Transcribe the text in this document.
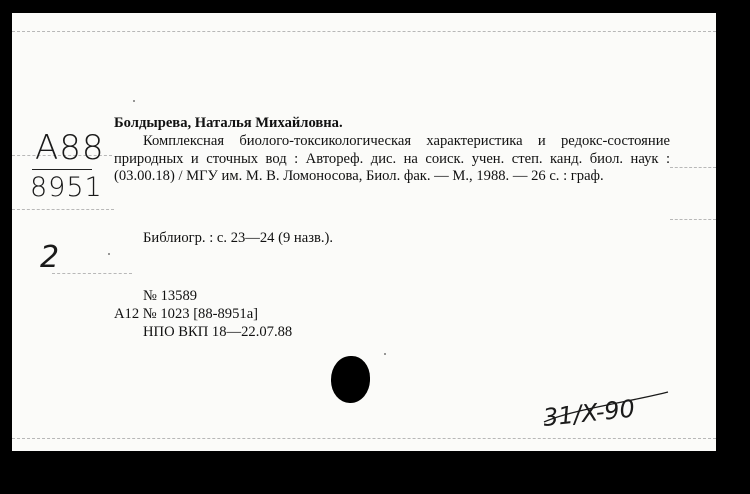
А88
8951
2
Болдырева, Наталья Михайловна.
Комплексная биолого-токсикологическая характеристика и редокс-состояние природных и сточных вод : Автореф. дис. на соиск. учен. степ. канд. биол. наук : (03.00.18) / МГУ им. М. В. Ломоносова, Биол. фак. — М., 1988. — 26 с. : граф.
Библиогр. : с. 23—24 (9 назв.).
№ 13589
А12 № 1023 [88-8951а]
НПО ВКП 18—22.07.88
31/X-90
